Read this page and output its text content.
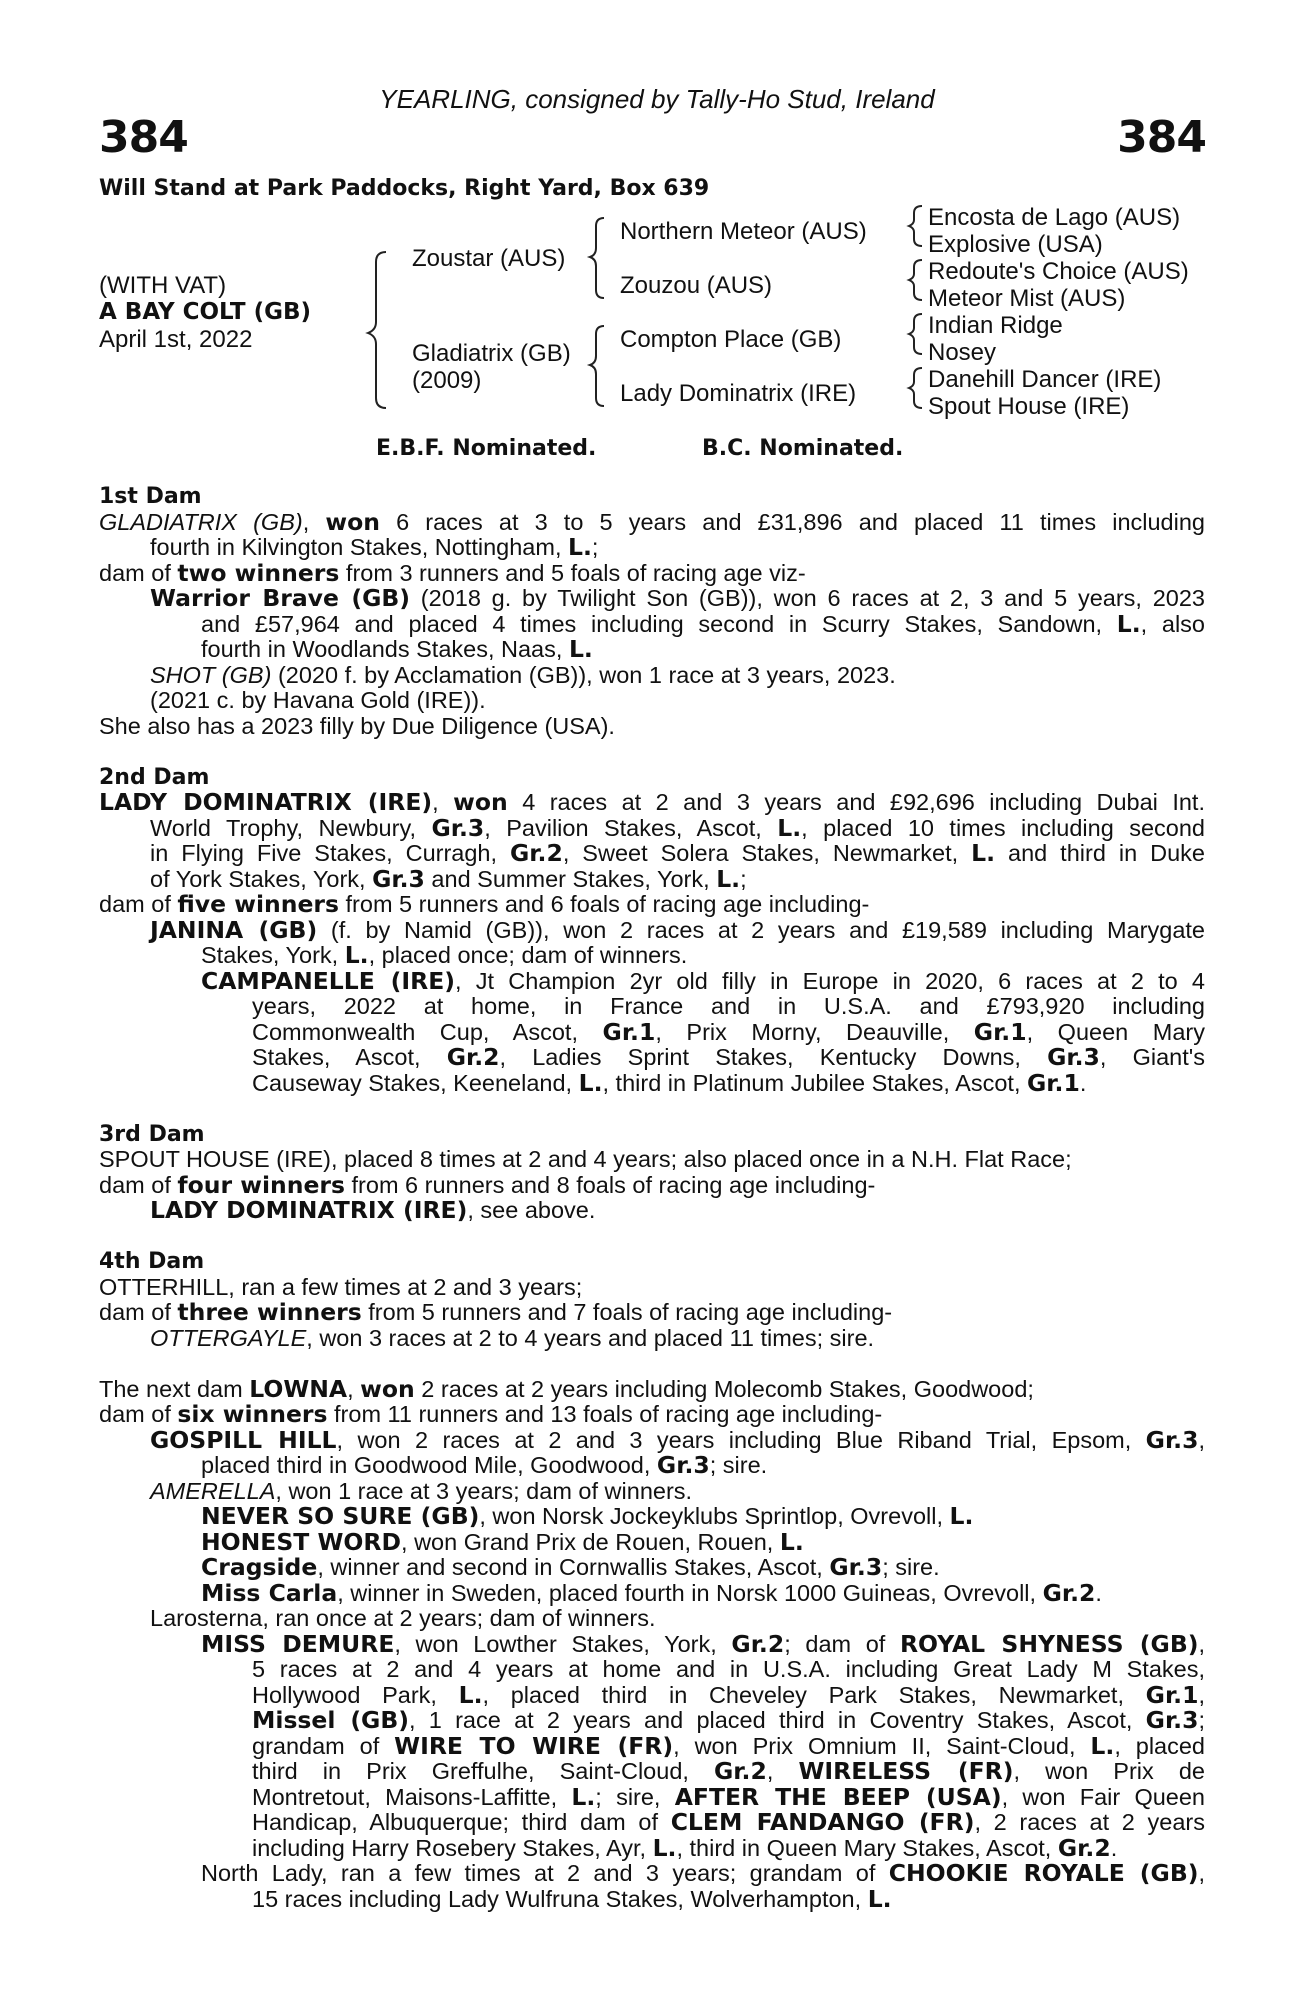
384	384
YEARLING, consigned by Tally-Ho Stud, Ireland
Will Stand at Park Paddocks, Right Yard, Box 639
(WITH VAT)
A BAY COLT (GB)
April 1st, 2022
Zoustar (AUS)
Gladiatrix (GB)
(2009)
Northern Meteor (AUS)
Zouzou (AUS)
Compton Place (GB)
Lady Dominatrix (IRE)
Encosta de Lago (AUS)
Explosive (USA)
Redoute's Choice (AUS)
Meteor Mist (AUS)
Indian Ridge
Nosey
Danehill Dancer (IRE)
Spout House (IRE)
E.B.F. Nominated.	B.C. Nominated.
1st Dam
GLADIATRIX (GB), won 6 races at 3 to 5 years and £31,896 and placed 11 times including
fourth in Kilvington Stakes, Nottingham, L.;
dam of two winners from 3 runners and 5 foals of racing age viz-
Warrior Brave (GB) (2018 g. by Twilight Son (GB)), won 6 races at 2, 3 and 5 years, 2023
and £57,964 and placed 4 times including second in Scurry Stakes, Sandown, L., also
fourth in Woodlands Stakes, Naas, L.
SHOT (GB) (2020 f. by Acclamation (GB)), won 1 race at 3 years, 2023.
(2021 c. by Havana Gold (IRE)).
She also has a 2023 filly by Due Diligence (USA).
2nd Dam
LADY DOMINATRIX (IRE), won 4 races at 2 and 3 years and £92,696 including Dubai Int.
World Trophy, Newbury, Gr.3, Pavilion Stakes, Ascot, L., placed 10 times including second
in Flying Five Stakes, Curragh, Gr.2, Sweet Solera Stakes, Newmarket, L. and third in Duke
of York Stakes, York, Gr.3 and Summer Stakes, York, L.;
dam of five winners from 5 runners and 6 foals of racing age including-
JANINA (GB) (f. by Namid (GB)), won 2 races at 2 years and £19,589 including Marygate
Stakes, York, L., placed once; dam of winners.
CAMPANELLE (IRE), Jt Champion 2yr old filly in Europe in 2020, 6 races at 2 to 4
years, 2022 at home, in France and in U.S.A. and £793,920 including
Commonwealth Cup, Ascot, Gr.1, Prix Morny, Deauville, Gr.1, Queen Mary
Stakes, Ascot, Gr.2, Ladies Sprint Stakes, Kentucky Downs, Gr.3, Giant's
Causeway Stakes, Keeneland, L., third in Platinum Jubilee Stakes, Ascot, Gr.1.
3rd Dam
SPOUT HOUSE (IRE), placed 8 times at 2 and 4 years; also placed once in a N.H. Flat Race;
dam of four winners from 6 runners and 8 foals of racing age including-
LADY DOMINATRIX (IRE), see above.
4th Dam
OTTERHILL, ran a few times at 2 and 3 years;
dam of three winners from 5 runners and 7 foals of racing age including-
OTTERGAYLE, won 3 races at 2 to 4 years and placed 11 times; sire.
The next dam LOWNA, won 2 races at 2 years including Molecomb Stakes, Goodwood;
dam of six winners from 11 runners and 13 foals of racing age including-
GOSPILL HILL, won 2 races at 2 and 3 years including Blue Riband Trial, Epsom, Gr.3,
placed third in Goodwood Mile, Goodwood, Gr.3; sire.
AMERELLA, won 1 race at 3 years; dam of winners.
NEVER SO SURE (GB), won Norsk Jockeyklubs Sprintlop, Ovrevoll, L.
HONEST WORD, won Grand Prix de Rouen, Rouen, L.
Cragside, winner and second in Cornwallis Stakes, Ascot, Gr.3; sire.
Miss Carla, winner in Sweden, placed fourth in Norsk 1000 Guineas, Ovrevoll, Gr.2.
Larosterna, ran once at 2 years; dam of winners.
MISS DEMURE, won Lowther Stakes, York, Gr.2; dam of ROYAL SHYNESS (GB),
5 races at 2 and 4 years at home and in U.S.A. including Great Lady M Stakes,
Hollywood Park, L., placed third in Cheveley Park Stakes, Newmarket, Gr.1,
Missel (GB), 1 race at 2 years and placed third in Coventry Stakes, Ascot, Gr.3;
grandam of WIRE TO WIRE (FR), won Prix Omnium II, Saint-Cloud, L., placed
third in Prix Greffulhe, Saint-Cloud, Gr.2, WIRELESS (FR), won Prix de
Montretout, Maisons-Laffitte, L.; sire, AFTER THE BEEP (USA), won Fair Queen
Handicap, Albuquerque; third dam of CLEM FANDANGO (FR), 2 races at 2 years
including Harry Rosebery Stakes, Ayr, L., third in Queen Mary Stakes, Ascot, Gr.2.
North Lady, ran a few times at 2 and 3 years; grandam of CHOOKIE ROYALE (GB),
15 races including Lady Wulfruna Stakes, Wolverhampton, L.
